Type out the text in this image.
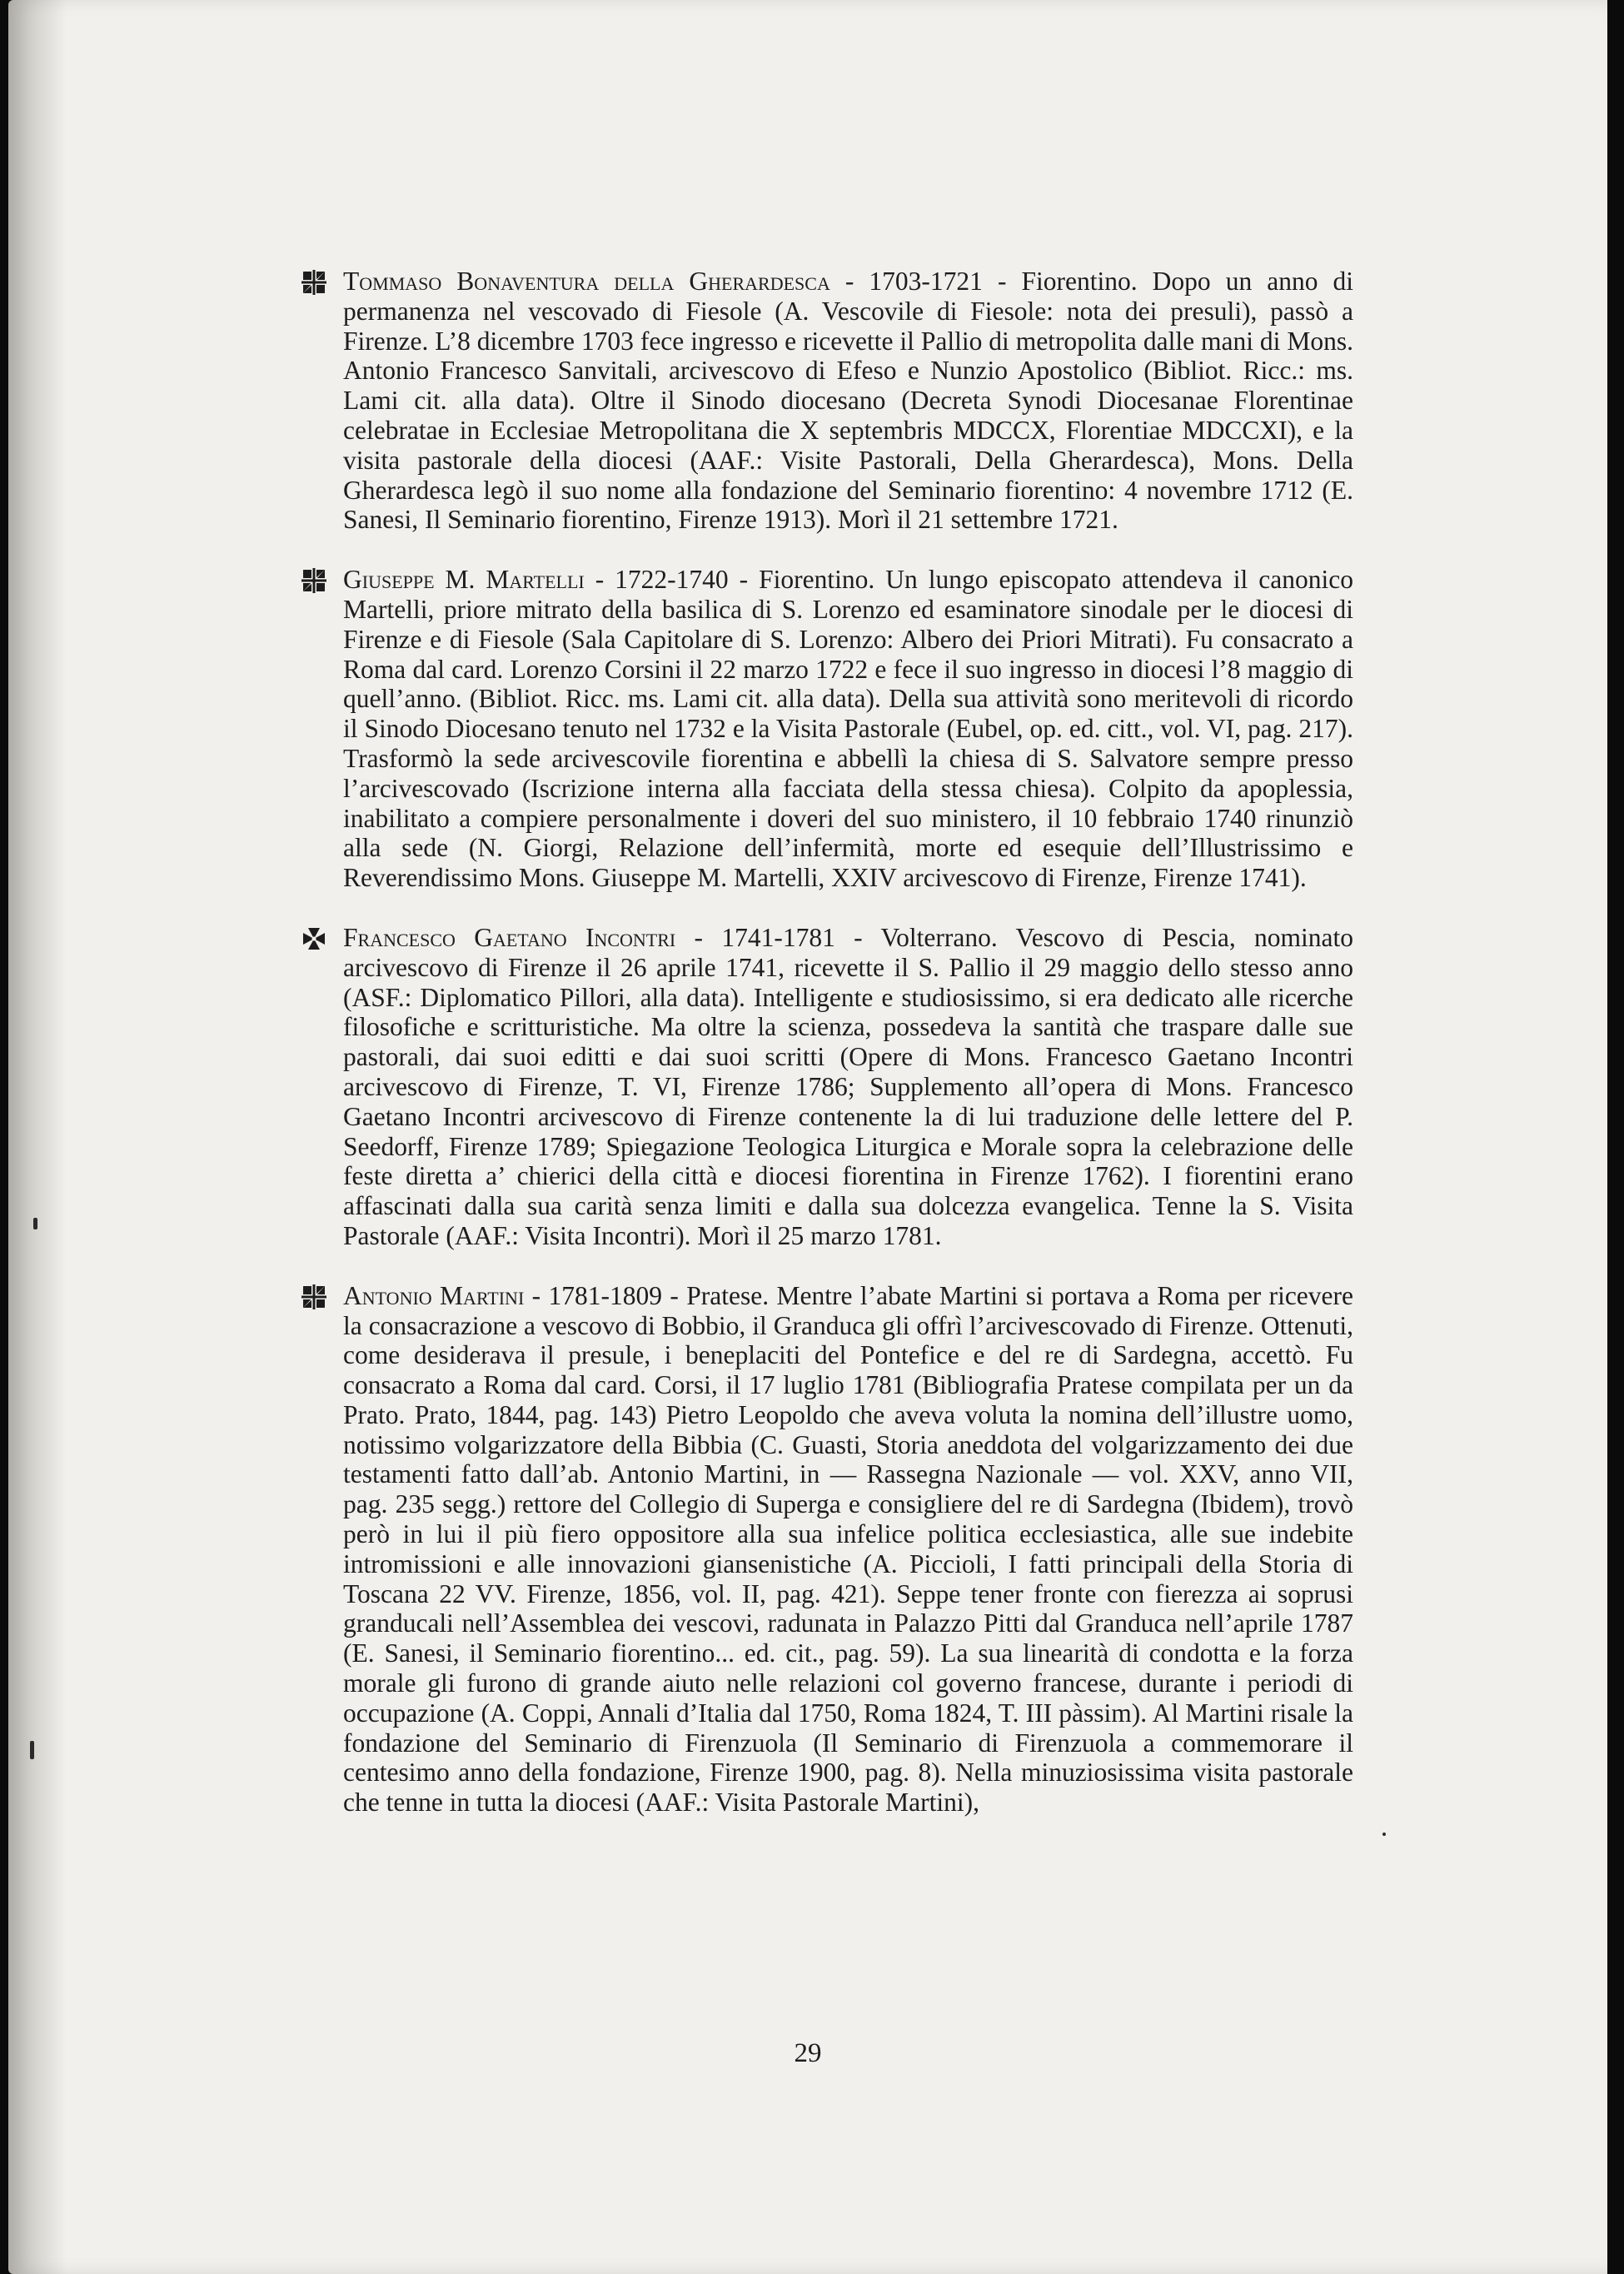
Tommaso Bonaventura della Gherardesca - 1703-1721 - Fiorentino. Dopo un anno di permanenza nel vescovado di Fiesole (A. Vescovile di Fiesole: nota dei presuli), passò a Firenze. L’8 dicembre 1703 fece ingresso e ricevette il Pallio di metropolita dalle mani di Mons. Antonio Francesco Sanvitali, arcivescovo di Efeso e Nunzio Apostolico (Bibliot. Ricc.: ms. Lami cit. alla data). Oltre il Sinodo diocesano (Decreta Synodi Diocesanae Florentinae celebratae in Ecclesiae Metropolitana die X septembris MDCCX, Florentiae MDCCXI), e la visita pastorale della diocesi (AAF.: Visite Pastorali, Della Gherardesca), Mons. Della Gherardesca legò il suo nome alla fondazione del Seminario fiorentino: 4 novembre 1712 (E. Sanesi, Il Seminario fiorentino, Firenze 1913). Morì il 21 settembre 1721.
Giuseppe M. Martelli - 1722-1740 - Fiorentino. Un lungo episcopato attendeva il canonico Martelli, priore mitrato della basilica di S. Lorenzo ed esaminatore sinodale per le diocesi di Firenze e di Fiesole (Sala Capitolare di S. Lorenzo: Albero dei Priori Mitrati). Fu consacrato a Roma dal card. Lorenzo Corsini il 22 marzo 1722 e fece il suo ingresso in diocesi l’8 maggio di quell’anno. (Bibliot. Ricc. ms. Lami cit. alla data). Della sua attività sono meritevoli di ricordo il Sinodo Diocesano tenuto nel 1732 e la Visita Pastorale (Eubel, op. ed. citt., vol. VI, pag. 217). Trasformò la sede arcivescovile fiorentina e abbellì la chiesa di S. Salvatore sempre presso l’arcivescovado (Iscrizione interna alla facciata della stessa chiesa). Colpito da apoplessia, inabilitato a compiere personalmente i doveri del suo ministero, il 10 febbraio 1740 rinunziò alla sede (N. Giorgi, Relazione dell’infermità, morte ed esequie dell’Illustrissimo e Reverendissimo Mons. Giuseppe M. Martelli, XXIV arcivescovo di Firenze, Firenze 1741).
Francesco Gaetano Incontri - 1741-1781 - Volterrano. Vescovo di Pescia, nominato arcivescovo di Firenze il 26 aprile 1741, ricevette il S. Pallio il 29 maggio dello stesso anno (ASF.: Diplomatico Pillori, alla data). Intelligente e studiosissimo, si era dedicato alle ricerche filosofiche e scritturistiche. Ma oltre la scienza, possedeva la santità che traspare dalle sue pastorali, dai suoi editti e dai suoi scritti (Opere di Mons. Francesco Gaetano Incontri arcivescovo di Firenze, T. VI, Firenze 1786; Supplemento all’opera di Mons. Francesco Gaetano Incontri arcivescovo di Firenze contenente la di lui traduzione delle lettere del P. Seedorff, Firenze 1789; Spiegazione Teologica Liturgica e Morale sopra la celebrazione delle feste diretta a’ chierici della città e diocesi fiorentina in Firenze 1762). I fiorentini erano affascinati dalla sua carità senza limiti e dalla sua dolcezza evangelica. Tenne la S. Visita Pastorale (AAF.: Visita Incontri). Morì il 25 marzo 1781.
Antonio Martini - 1781-1809 - Pratese. Mentre l’abate Martini si portava a Roma per ricevere la consacrazione a vescovo di Bobbio, il Granduca gli offrì l’arcivescovado di Firenze. Ottenuti, come desiderava il presule, i beneplaciti del Pontefice e del re di Sardegna, accettò. Fu consacrato a Roma dal card. Corsi, il 17 luglio 1781 (Bibliografia Pratese compilata per un da Prato. Prato, 1844, pag. 143) Pietro Leopoldo che aveva voluta la nomina dell’illustre uomo, notissimo volgarizzatore della Bibbia (C. Guasti, Storia aneddota del volgarizzamento dei due testamenti fatto dall’ab. Antonio Martini, in — Rassegna Nazionale — vol. XXV, anno VII, pag. 235 segg.) rettore del Collegio di Superga e consigliere del re di Sardegna (Ibidem), trovò però in lui il più fiero oppositore alla sua infelice politica ecclesiastica, alle sue indebite intromissioni e alle innovazioni giansenistiche (A. Piccioli, I fatti principali della Storia di Toscana 22 VV. Firenze, 1856, vol. II, pag. 421). Seppe tener fronte con fierezza ai soprusi granducali nell’Assemblea dei vescovi, radunata in Palazzo Pitti dal Granduca nell’aprile 1787 (E. Sanesi, il Seminario fiorentino... ed. cit., pag. 59). La sua linearità di condotta e la forza morale gli furono di grande aiuto nelle relazioni col governo francese, durante i periodi di occupazione (A. Coppi, Annali d’Italia dal 1750, Roma 1824, T. III pàssim). Al Martini risale la fondazione del Seminario di Firenzuola (Il Seminario di Firenzuola a commemorare il centesimo anno della fondazione, Firenze 1900, pag. 8). Nella minuziosissima visita pastorale che tenne in tutta la diocesi (AAF.: Visita Pastorale Martini),
29
